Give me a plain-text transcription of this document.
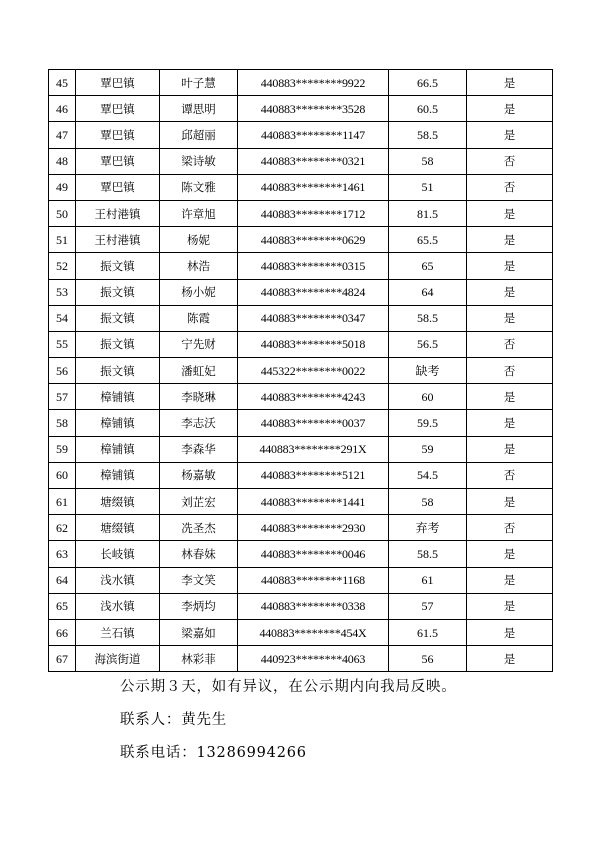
45	覃巴镇	叶子慧	440883********9922	66.5	是
46	覃巴镇	谭思明	440883********3528	60.5	是
47	覃巴镇	邱超丽	440883********1147	58.5	是
48	覃巴镇	梁诗敏	440883********0321	58	否
49	覃巴镇	陈文雅	440883********1461	51	否
50	王村港镇	许章旭	440883********1712	81.5	是
51	王村港镇	杨妮	440883********0629	65.5	是
52	振文镇	林浩	440883********0315	65	是
53	振文镇	杨小妮	440883********4824	64	是
54	振文镇	陈霞	440883********0347	58.5	是
55	振文镇	宁先财	440883********5018	56.5	否
56	振文镇	潘虹妃	445322********0022	缺考	否
57	樟铺镇	李晓琳	440883********4243	60	是
58	樟铺镇	李志沃	440883********0037	59.5	是
59	樟铺镇	李森华	440883********291X	59	是
60	樟铺镇	杨嘉敏	440883********5121	54.5	否
61	塘缀镇	刘芷宏	440883********1441	58	是
62	塘缀镇	冼圣杰	440883********2930	弃考	否
63	长岐镇	林春妹	440883********0046	58.5	是
64	浅水镇	李文笑	440883********1168	61	是
65	浅水镇	李炳均	440883********0338	57	是
66	兰石镇	梁嘉如	440883********454X	61.5	是
67	海滨街道	林彩菲	440923********4063	56	是
公示期３天，如有异议，在公示期内向我局反映。
联系人：黄先生
联系电话：13286994266
